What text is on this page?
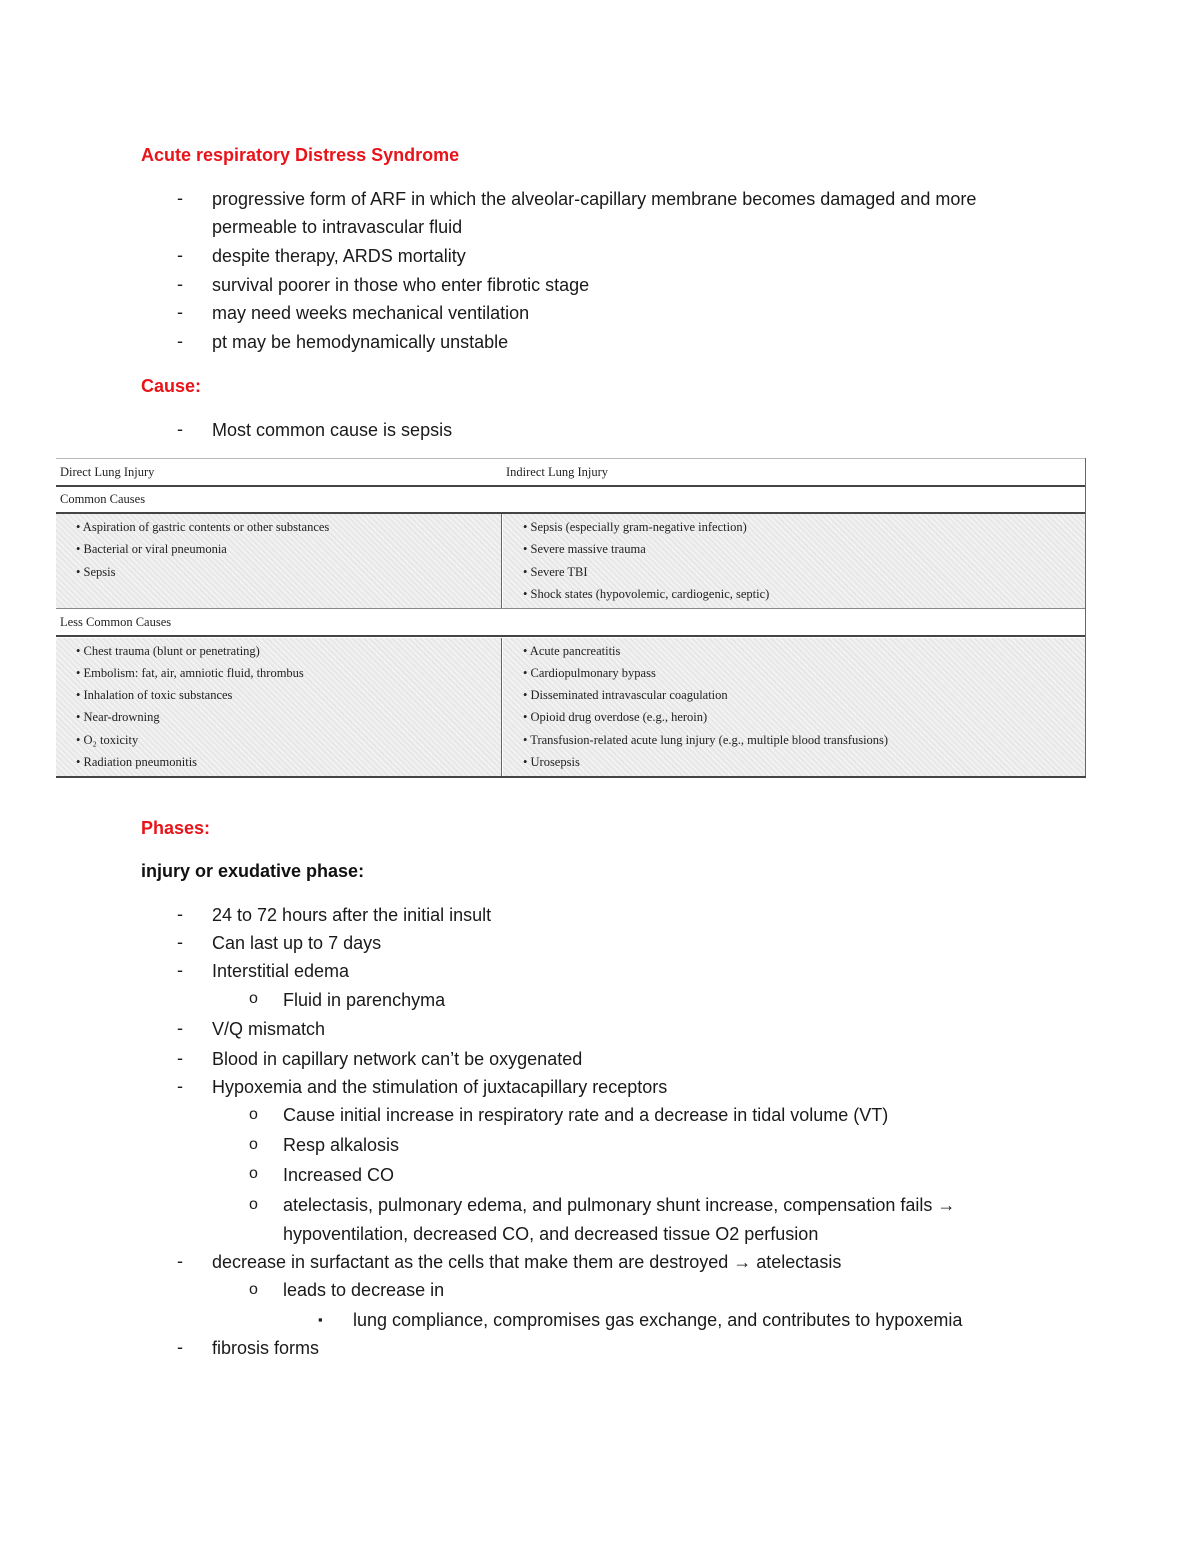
Acute respiratory Distress Syndrome
- progressive form of ARF in which the alveolar-capillary membrane becomes damaged and more
permeable to intravascular fluid
- despite therapy, ARDS mortality
- survival poorer in those who enter fibrotic stage
- may need weeks mechanical ventilation
- pt may be hemodynamically unstable
Cause:
- Most common cause is sepsis
Direct Lung Injury	Indirect Lung Injury
Common Causes
• Aspiration of gastric contents or other substances
• Bacterial or viral pneumonia
• Sepsis
• Sepsis (especially gram-negative infection)
• Severe massive trauma
• Severe TBI
• Shock states (hypovolemic, cardiogenic, septic)
Less Common Causes
• Chest trauma (blunt or penetrating)
• Embolism: fat, air, amniotic fluid, thrombus
• Inhalation of toxic substances
• Near-drowning
• O₂ toxicity
• Radiation pneumonitis
• Acute pancreatitis
• Cardiopulmonary bypass
• Disseminated intravascular coagulation
• Opioid drug overdose (e.g., heroin)
• Transfusion-related acute lung injury (e.g., multiple blood transfusions)
• Urosepsis
Phases:
injury or exudative phase:
- 24 to 72 hours after the initial insult
- Can last up to 7 days
- Interstitial edema
o Fluid in parenchyma
- V/Q mismatch
- Blood in capillary network can’t be oxygenated
- Hypoxemia and the stimulation of juxtacapillary receptors
o Cause initial increase in respiratory rate and a decrease in tidal volume (VT)
o Resp alkalosis
o Increased CO
o atelectasis, pulmonary edema, and pulmonary shunt increase, compensation fails →
hypoventilation, decreased CO, and decreased tissue O2 perfusion
- decrease in surfactant as the cells that make them are destroyed → atelectasis
o leads to decrease in
▪ lung compliance, compromises gas exchange, and contributes to hypoxemia
- fibrosis forms
